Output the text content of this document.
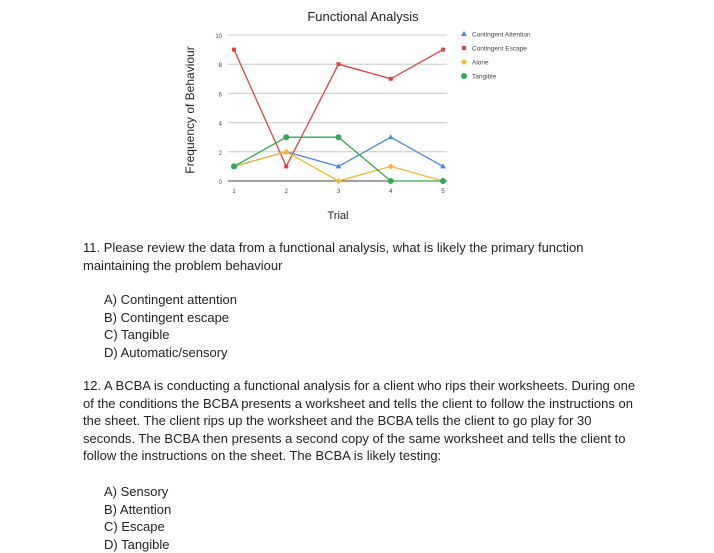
Functional Analysis
Frequency of Behaviour
Trial
0
2
4
6
8
10
1	2	3	4	5
Contingent Attention
Contingent Escape
Alone
Tangible
11. Please review the data from a functional analysis, what is likely the primary function maintaining the problem behaviour
A) Contingent attention
B) Contingent escape
C) Tangible
D) Automatic/sensory
12. A BCBA is conducting a functional analysis for a client who rips their worksheets. During one of the conditions the BCBA presents a worksheet and tells the client to follow the instructions on the sheet. The client rips up the worksheet and the BCBA tells the client to go play for 30 seconds. The BCBA then presents a second copy of the same worksheet and tells the client to follow the instructions on the sheet. The BCBA is likely testing:
A) Sensory
B) Attention
C) Escape
D) Tangible
